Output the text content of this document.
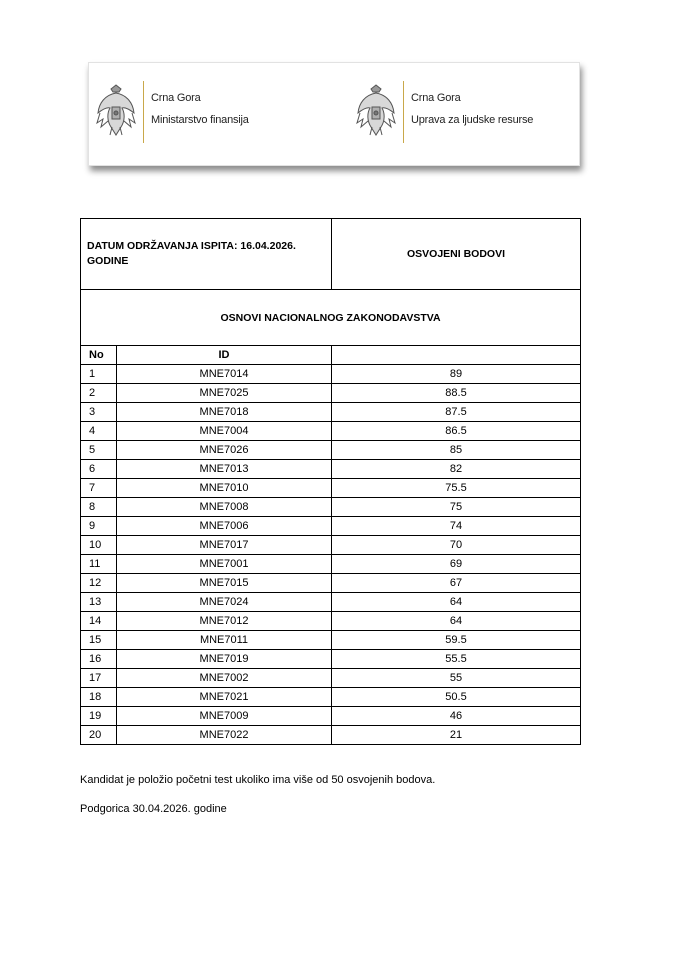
Crna Gora
Ministarstvo finansija
Crna Gora
Uprava za ljudske resurse
DATUM ODRŽAVANJA ISPITA: 16.04.2026. GODINE		OSVOJENI BODOVI
OSNOVI NACIONALNOG ZAKONODAVSTVA		
No	ID	
1	MNE7014	89
2	MNE7025	88.5
3	MNE7018	87.5
4	MNE7004	86.5
5	MNE7026	85
6	MNE7013	82
7	MNE7010	75.5
8	MNE7008	75
9	MNE7006	74
10	MNE7017	70
11	MNE7001	69
12	MNE7015	67
13	MNE7024	64
14	MNE7012	64
15	MNE7011	59.5
16	MNE7019	55.5
17	MNE7002	55
18	MNE7021	50.5
19	MNE7009	46
20	MNE7022	21
Kandidat je položio početni test ukoliko ima više od 50 osvojenih bodova.
Podgorica 30.04.2026. godine
